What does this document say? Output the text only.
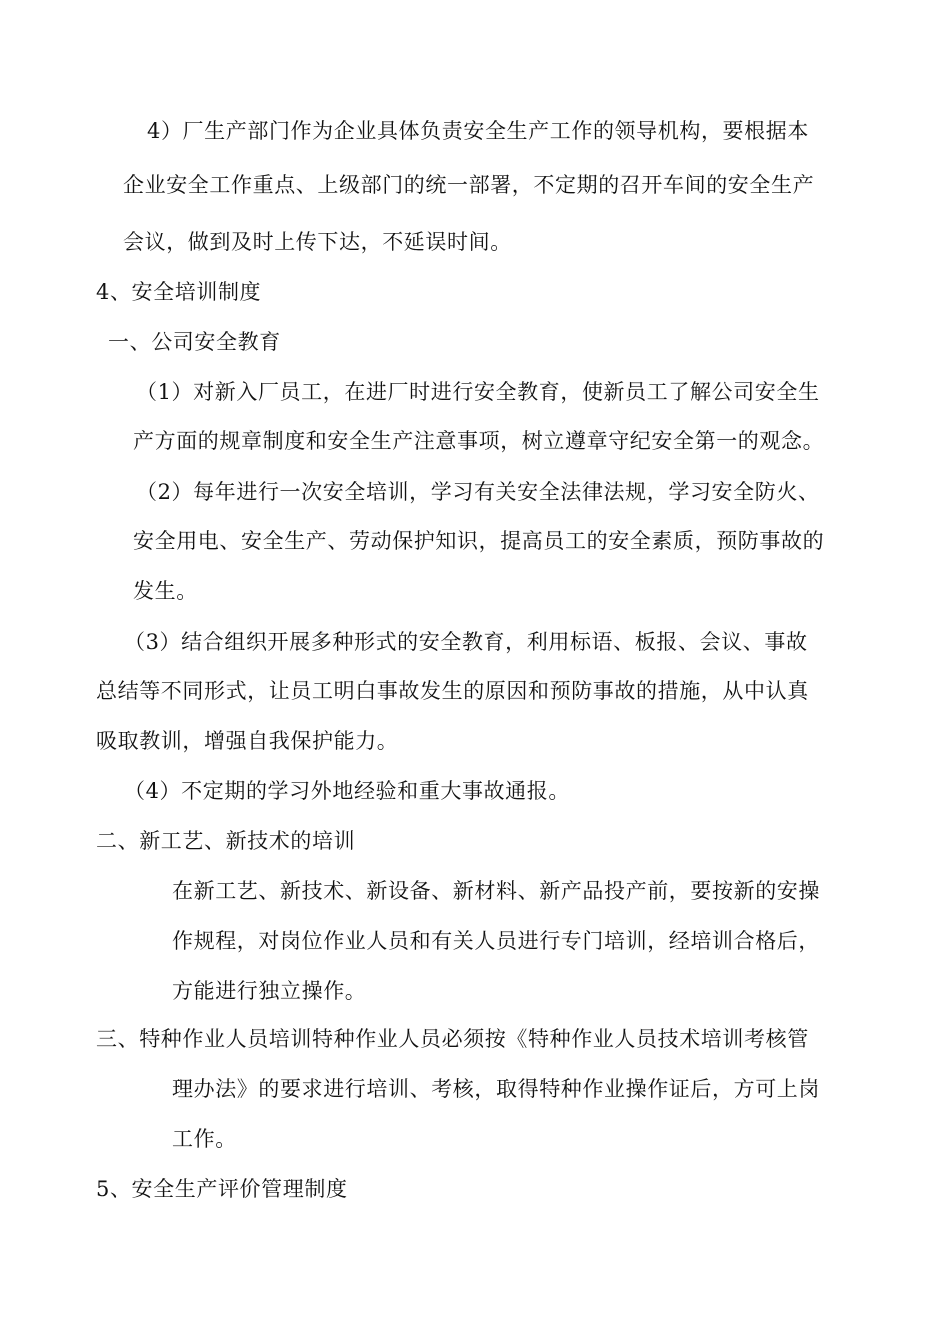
4）厂生产部门作为企业具体负责安全生产工作的领导机构，要根据本
企业安全工作重点、上级部门的统一部署，不定期的召开车间的安全生产
会议，做到及时上传下达，不延误时间。
4、安全培训制度
一、公司安全教育
（1）对新入厂员工，在进厂时进行安全教育，使新员工了解公司安全生
产方面的规章制度和安全生产注意事项，树立遵章守纪安全第一的观念。
（2）每年进行一次安全培训，学习有关安全法律法规，学习安全防火、
安全用电、安全生产、劳动保护知识，提高员工的安全素质，预防事故的
发生。
（3）结合组织开展多种形式的安全教育，利用标语、板报、会议、事故
总结等不同形式，让员工明白事故发生的原因和预防事故的措施，从中认真
吸取教训，增强自我保护能力。
（4）不定期的学习外地经验和重大事故通报。
二、新工艺、新技术的培训
在新工艺、新技术、新设备、新材料、新产品投产前，要按新的安操
作规程，对岗位作业人员和有关人员进行专门培训，经培训合格后，
方能进行独立操作。
三、特种作业人员培训特种作业人员必须按《特种作业人员技术培训考核管
理办法》的要求进行培训、考核，取得特种作业操作证后，方可上岗
工作。
5、安全生产评价管理制度
